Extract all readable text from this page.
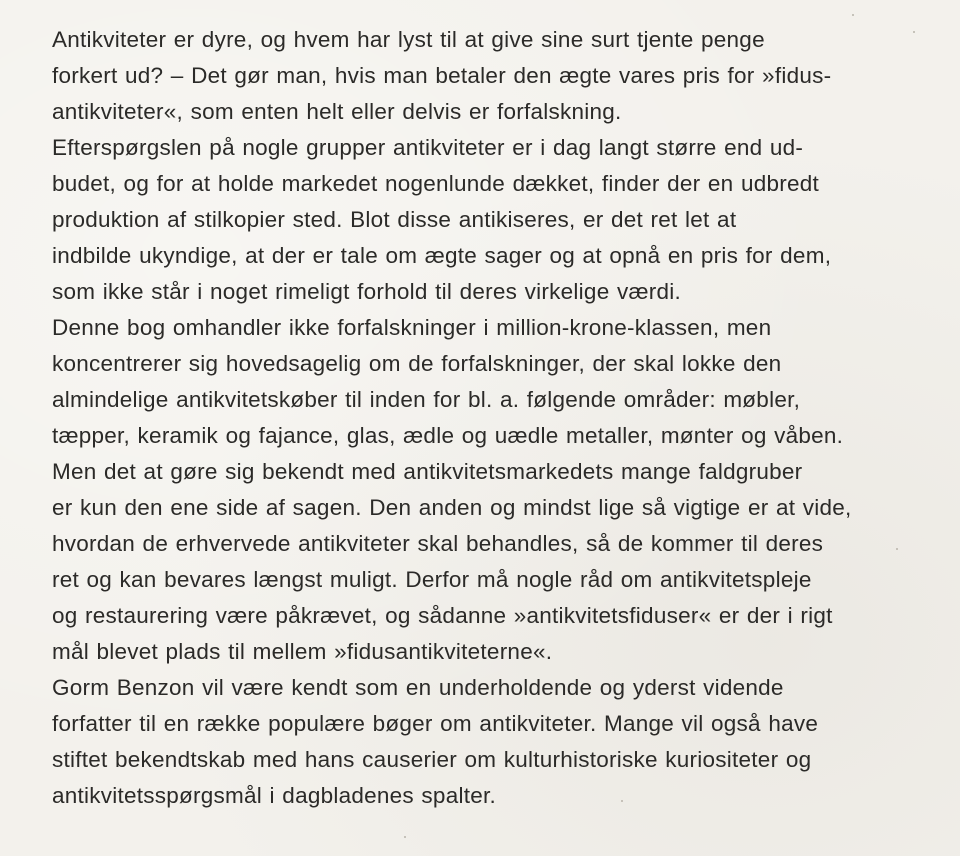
Antikviteter er dyre, og hvem har lyst til at give sine surt tjente penge
forkert ud? – Det gør man, hvis man betaler den ægte vares pris for »fidus-
antikviteter«, som enten helt eller delvis er forfalskning.
Efterspørgslen på nogle grupper antikviteter er i dag langt større end ud-
budet, og for at holde markedet nogenlunde dækket, finder der en udbredt
produktion af stilkopier sted. Blot disse antikiseres, er det ret let at
indbilde ukyndige, at der er tale om ægte sager og at opnå en pris for dem,
som ikke står i noget rimeligt forhold til deres virkelige værdi.
Denne bog omhandler ikke forfalskninger i million-krone-klassen, men
koncentrerer sig hovedsagelig om de forfalskninger, der skal lokke den
almindelige antikvitetskøber til inden for bl. a. følgende områder: møbler,
tæpper, keramik og fajance, glas, ædle og uædle metaller, mønter og våben.
Men det at gøre sig bekendt med antikvitetsmarkedets mange faldgruber
er kun den ene side af sagen. Den anden og mindst lige så vigtige er at vide,
hvordan de erhvervede antikviteter skal behandles, så de kommer til deres
ret og kan bevares længst muligt. Derfor må nogle råd om antikvitetspleje
og restaurering være påkrævet, og sådanne »antikvitetsfiduser« er der i rigt
mål blevet plads til mellem »fidusantikviteterne«.
Gorm Benzon vil være kendt som en underholdende og yderst vidende
forfatter til en række populære bøger om antikviteter. Mange vil også have
stiftet bekendtskab med hans causerier om kulturhistoriske kuriositeter og
antikvitetsspørgsmål i dagbladenes spalter.
